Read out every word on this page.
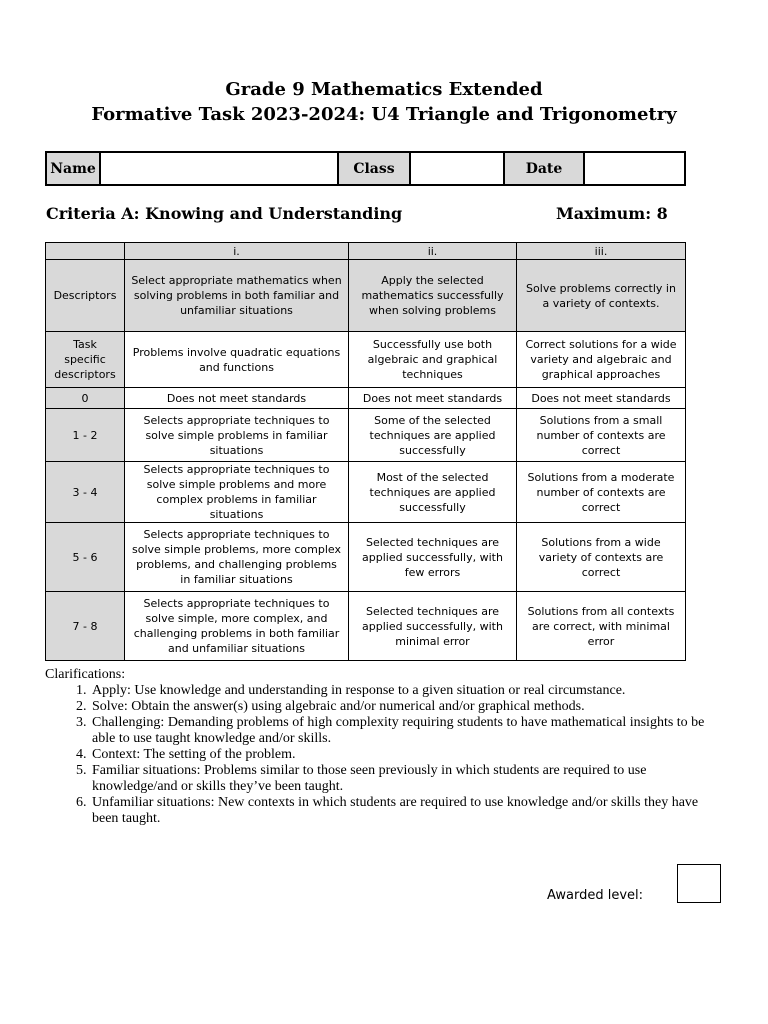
Grade 9 Mathematics Extended
Formative Task 2023-2024: U4 Triangle and Trigonometry
Name		Class		Date	
Criteria A: Knowing and Understanding	Maximum: 8
	i.	ii.	iii.
Descriptors	Select appropriate mathematics when solving problems in both familiar and unfamiliar situations	Apply the selected mathematics successfully when solving problems	Solve problems correctly in a variety of contexts.
Task specific descriptors	Problems involve quadratic equations and functions	Successfully use both algebraic and graphical techniques	Correct solutions for a wide variety and algebraic and graphical approaches
0	Does not meet standards	Does not meet standards	Does not meet standards
1 - 2	Selects appropriate techniques to solve simple problems in familiar situations	Some of the selected techniques are applied successfully	Solutions from a small number of contexts are correct
3 - 4	Selects appropriate techniques to solve simple problems and more complex problems in familiar situations	Most of the selected techniques are applied successfully	Solutions from a moderate number of contexts are correct
5 - 6	Selects appropriate techniques to solve simple problems, more complex problems, and challenging problems in familiar situations	Selected techniques are applied successfully, with few errors	Solutions from a wide variety of contexts are correct
7 - 8	Selects appropriate techniques to solve simple, more complex, and challenging problems in both familiar and unfamiliar situations	Selected techniques are applied successfully, with minimal error	Solutions from all contexts are correct, with minimal error
Clarifications:
1. Apply: Use knowledge and understanding in response to a given situation or real circumstance.
2. Solve: Obtain the answer(s) using algebraic and/or numerical and/or graphical methods.
3. Challenging: Demanding problems of high complexity requiring students to have mathematical insights to be able to use taught knowledge and/or skills.
4. Context: The setting of the problem.
5. Familiar situations: Problems similar to those seen previously in which students are required to use knowledge/and or skills they’ve been taught.
6. Unfamiliar situations: New contexts in which students are required to use knowledge and/or skills they have been taught.
Awarded level:
